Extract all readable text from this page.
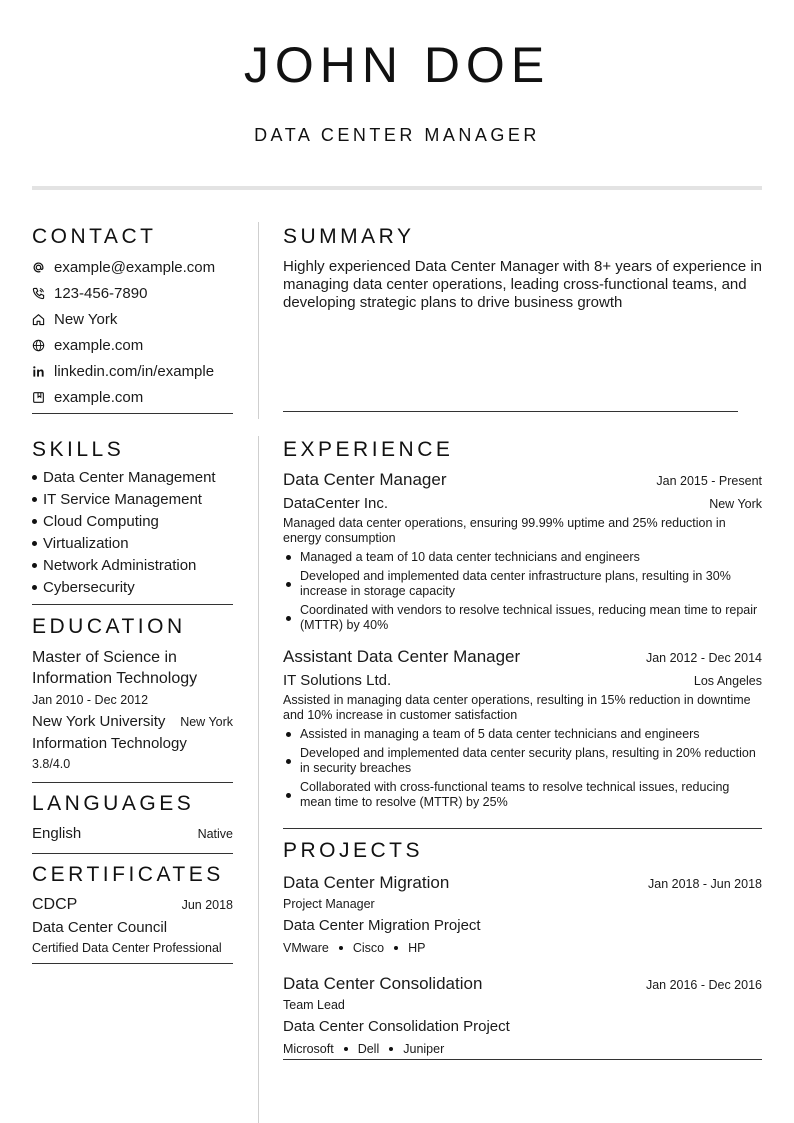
JOHN DOE
DATA CENTER MANAGER
CONTACT
example@example.com
123-456-7890
New York
example.com
linkedin.com/in/example
example.com
SKILLS
Data Center Management
IT Service Management
Cloud Computing
Virtualization
Network Administration
Cybersecurity
EDUCATION
Master of Science in Information Technology
Jan 2010 - Dec 2012
New York University New York
Information Technology
3.8/4.0
LANGUAGES
English	Native
CERTIFICATES
CDCP	Jun 2018
Data Center Council
Certified Data Center Professional
SUMMARY
Highly experienced Data Center Manager with 8+ years of experience in managing data center operations, leading cross-functional teams, and developing strategic plans to drive business growth
EXPERIENCE
Data Center Manager	Jan 2015 - Present
DataCenter Inc.	New York
Managed data center operations, ensuring 99.99% uptime and 25% reduction in energy consumption
Managed a team of 10 data center technicians and engineers
Developed and implemented data center infrastructure plans, resulting in 30% increase in storage capacity
Coordinated with vendors to resolve technical issues, reducing mean time to repair (MTTR) by 40%
Assistant Data Center Manager	Jan 2012 - Dec 2014
IT Solutions Ltd.	Los Angeles
Assisted in managing data center operations, resulting in 15% reduction in downtime and 10% increase in customer satisfaction
Assisted in managing a team of 5 data center technicians and engineers
Developed and implemented data center security plans, resulting in 20% reduction in security breaches
Collaborated with cross-functional teams to resolve technical issues, reducing mean time to resolve (MTTR) by 25%
PROJECTS
Data Center Migration	Jan 2018 - Jun 2018
Project Manager
Data Center Migration Project
VMware Cisco HP
Data Center Consolidation	Jan 2016 - Dec 2016
Team Lead
Data Center Consolidation Project
Microsoft Dell Juniper
